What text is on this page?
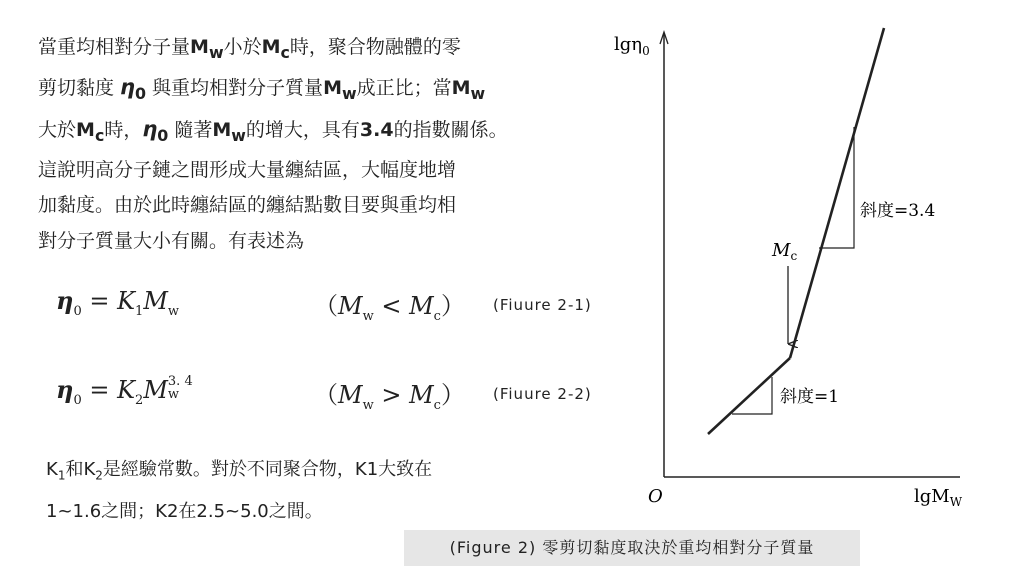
當重均相對分子量$M_w$小於$M_c$時，聚合物融體的零
剪切黏度 $\eta_0$ 與重均相對分子質量$M_w$成正比；當$M_w$
大於$M_c$時，$\eta_0$ 隨著$M_w$的增大，具有3.4的指數關係。
這說明高分子鏈之間形成大量纏結區，大幅度地增
加黏度。由於此時纏結區的纏結點數目要與重均相
對分子質量大小有關。有表述為
$\eta_0 = K_1M_w$	$(M_w < M_c)$ (Fiuure 2-1)
$\eta_0 = K_2M$ 3. 4
w	$(M_w > M_c)$ (Fiuure 2-2)
$K_1$和$K_2$是經驗常數。對於不同聚合物，K1大致在
1~1.6之間；K2在2.5~5.0之間。
lgη$_0$
O	lgM$_W$
斜度=1
斜度=3.4
$M_c$
(Figure 2) 零剪切黏度取決於重均相對分子質量
